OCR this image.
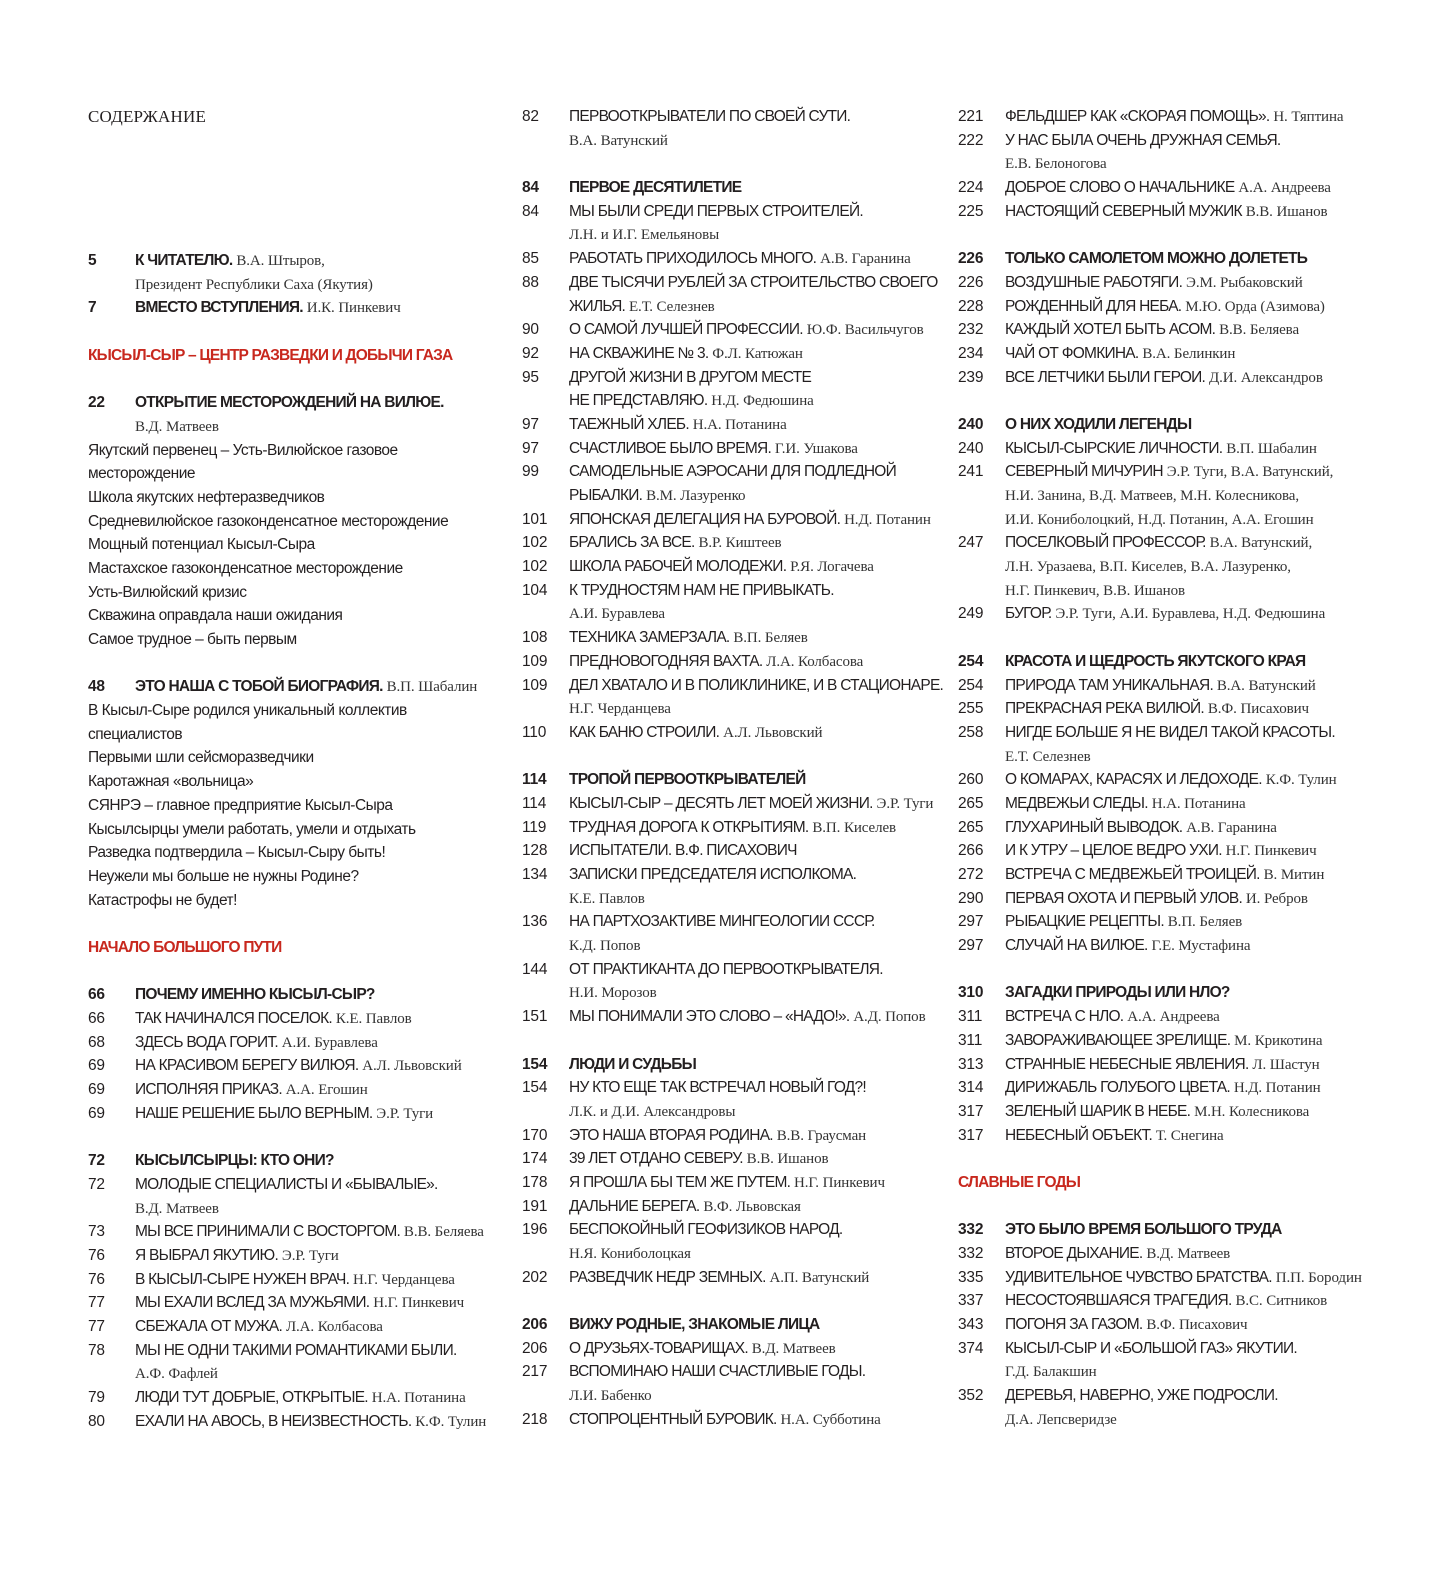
СОДЕРЖАНИЕ
5 К ЧИТАТЕЛЮ. В.А. Штыров,
Президент Республики Саха (Якутия)
7 ВМЕСТО ВСТУПЛЕНИЯ. И.К. Пинкевич
КЫСЫЛ-СЫР – ЦЕНТР РАЗВЕДКИ И ДОБЫЧИ ГАЗА
22 ОТКРЫТИЕ МЕСТОРОЖДЕНИЙ НА ВИЛЮЕ.
В.Д. Матвеев
Якутский первенец – Усть-Вилюйское газовое
месторождение
Школа якутских нефтеразведчиков
Средневилюйское газоконденсатное месторождение
Мощный потенциал Кысыл-Сыра
Мастахское газоконденсатное месторождение
Усть-Вилюйский кризис
Скважина оправдала наши ожидания
Самое трудное – быть первым
48 ЭТО НАША С ТОБОЙ БИОГРАФИЯ. В.П. Шабалин
В Кысыл-Сыре родился уникальный коллектив
специалистов
Первыми шли сейсморазведчики
Каротажная «вольница»
СЯНРЭ – главное предприятие Кысыл-Сыра
Кысылсырцы умели работать, умели и отдыхать
Разведка подтвердила – Кысыл-Сыру быть!
Неужели мы больше не нужны Родине?
Катастрофы не будет!
НАЧАЛО БОЛЬШОГО ПУТИ
66 ПОЧЕМУ ИМЕННО КЫСЫЛ-СЫР?
66 ТАК НАЧИНАЛСЯ ПОСЕЛОК. К.Е. Павлов
68 ЗДЕСЬ ВОДА ГОРИТ. А.И. Буравлева
69 НА КРАСИВОМ БЕРЕГУ ВИЛЮЯ. А.Л. Львовский
69 ИСПОЛНЯЯ ПРИКАЗ. А.А. Егошин
69 НАШЕ РЕШЕНИЕ БЫЛО ВЕРНЫМ. Э.Р. Туги
72 КЫСЫЛСЫРЦЫ: КТО ОНИ?
72 МОЛОДЫЕ СПЕЦИАЛИСТЫ И «БЫВАЛЫЕ».
В.Д. Матвеев
73 МЫ ВСЕ ПРИНИМАЛИ С ВОСТОРГОМ. В.В. Беляева
76 Я ВЫБРАЛ ЯКУТИЮ. Э.Р. Туги
76 В КЫСЫЛ-СЫРЕ НУЖЕН ВРАЧ. Н.Г. Черданцева
77 МЫ ЕХАЛИ ВСЛЕД ЗА МУЖЬЯМИ. Н.Г. Пинкевич
77 СБЕЖАЛА ОТ МУЖА. Л.А. Колбасова
78 МЫ НЕ ОДНИ ТАКИМИ РОМАНТИКАМИ БЫЛИ.
А.Ф. Фафлей
79 ЛЮДИ ТУТ ДОБРЫЕ, ОТКРЫТЫЕ. Н.А. Потанина
80 ЕХАЛИ НА АВОСЬ, В НЕИЗВЕСТНОСТЬ. К.Ф. Тулин
82 ПЕРВООТКРЫВАТЕЛИ ПО СВОЕЙ СУТИ.
В.А. Ватунский
84 ПЕРВОЕ ДЕСЯТИЛЕТИЕ
84 МЫ БЫЛИ СРЕДИ ПЕРВЫХ СТРОИТЕЛЕЙ.
Л.Н. и И.Г. Емельяновы
85 РАБОТАТЬ ПРИХОДИЛОСЬ МНОГО. А.В. Гаранина
88 ДВЕ ТЫСЯЧИ РУБЛЕЙ ЗА СТРОИТЕЛЬСТВО СВОЕГО
ЖИЛЬЯ. Е.Т. Селезнев
90 О САМОЙ ЛУЧШЕЙ ПРОФЕССИИ. Ю.Ф. Васильчугов
92 НА СКВАЖИНЕ № 3. Ф.Л. Катюжан
95 ДРУГОЙ ЖИЗНИ В ДРУГОМ МЕСТЕ
НЕ ПРЕДСТАВЛЯЮ. Н.Д. Федюшина
97 ТАЕЖНЫЙ ХЛЕБ. Н.А. Потанина
97 СЧАСТЛИВОЕ БЫЛО ВРЕМЯ. Г.И. Ушакова
99 САМОДЕЛЬНЫЕ АЭРОСАНИ ДЛЯ ПОДЛЕДНОЙ
РЫБАЛКИ. В.М. Лазуренко
101 ЯПОНСКАЯ ДЕЛЕГАЦИЯ НА БУРОВОЙ. Н.Д. Потанин
102 БРАЛИСЬ ЗА ВСЕ. В.Р. Киштеев
102 ШКОЛА РАБОЧЕЙ МОЛОДЕЖИ. Р.Я. Логачева
104 К ТРУДНОСТЯМ НАМ НЕ ПРИВЫКАТЬ.
А.И. Буравлева
108 ТЕХНИКА ЗАМЕРЗАЛА. В.П. Беляев
109 ПРЕДНОВОГОДНЯЯ ВАХТА. Л.А. Колбасова
109 ДЕЛ ХВАТАЛО И В ПОЛИКЛИНИКЕ, И В СТАЦИОНАРЕ.
Н.Г. Черданцева
110 КАК БАНЮ СТРОИЛИ. А.Л. Львовский
114 ТРОПОЙ ПЕРВООТКРЫВАТЕЛЕЙ
114 КЫСЫЛ-СЫР – ДЕСЯТЬ ЛЕТ МОЕЙ ЖИЗНИ. Э.Р. Туги
119 ТРУДНАЯ ДОРОГА К ОТКРЫТИЯМ. В.П. Киселев
128 ИСПЫТАТЕЛИ. В.Ф. ПИСАХОВИЧ
134 ЗАПИСКИ ПРЕДСЕДАТЕЛЯ ИСПОЛКОМА.
К.Е. Павлов
136 НА ПАРТХОЗАКТИВЕ МИНГЕОЛОГИИ СССР.
К.Д. Попов
144 ОТ ПРАКТИКАНТА ДО ПЕРВООТКРЫВАТЕЛЯ.
Н.И. Морозов
151 МЫ ПОНИМАЛИ ЭТО СЛОВО – «НАДО!». А.Д. Попов
154 ЛЮДИ И СУДЬБЫ
154 НУ КТО ЕЩЕ ТАК ВСТРЕЧАЛ НОВЫЙ ГОД?!
Л.К. и Д.И. Александровы
170 ЭТО НАША ВТОРАЯ РОДИНА. В.В. Граусман
174 39 ЛЕТ ОТДАНО СЕВЕРУ. В.В. Ишанов
178 Я ПРОШЛА БЫ ТЕМ ЖЕ ПУТЕМ. Н.Г. Пинкевич
191 ДАЛЬНИЕ БЕРЕГА. В.Ф. Львовская
196 БЕСПОКОЙНЫЙ ГЕОФИЗИКОВ НАРОД.
Н.Я. Кониболоцкая
202 РАЗВЕДЧИК НЕДР ЗЕМНЫХ. А.П. Ватунский
206 ВИЖУ РОДНЫЕ, ЗНАКОМЫЕ ЛИЦА
206 О ДРУЗЬЯХ-ТОВАРИЩАХ. В.Д. Матвеев
217 ВСПОМИНАЮ НАШИ СЧАСТЛИВЫЕ ГОДЫ.
Л.И. Бабенко
218 СТОПРОЦЕНТНЫЙ БУРОВИК. Н.А. Субботина
221 ФЕЛЬДШЕР КАК «СКОРАЯ ПОМОЩЬ». Н. Тяптина
222 У НАС БЫЛА ОЧЕНЬ ДРУЖНАЯ СЕМЬЯ.
Е.В. Белоногова
224 ДОБРОЕ СЛОВО О НАЧАЛЬНИКЕ А.А. Андреева
225 НАСТОЯЩИЙ СЕВЕРНЫЙ МУЖИК В.В. Ишанов
226 ТОЛЬКО САМОЛЕТОМ МОЖНО ДОЛЕТЕТЬ
226 ВОЗДУШНЫЕ РАБОТЯГИ. Э.М. Рыбаковский
228 РОЖДЕННЫЙ ДЛЯ НЕБА. М.Ю. Орда (Азимова)
232 КАЖДЫЙ ХОТЕЛ БЫТЬ АСОМ. В.В. Беляева
234 ЧАЙ ОТ ФОМКИНА. В.А. Белинкин
239 ВСЕ ЛЕТЧИКИ БЫЛИ ГЕРОИ. Д.И. Александров
240 О НИХ ХОДИЛИ ЛЕГЕНДЫ
240 КЫСЫЛ-СЫРСКИЕ ЛИЧНОСТИ. В.П. Шабалин
241 СЕВЕРНЫЙ МИЧУРИН Э.Р. Туги, В.А. Ватунский,
Н.И. Занина, В.Д. Матвеев, М.Н. Колесникова,
И.И. Кониболоцкий, Н.Д. Потанин, А.А. Егошин
247 ПОСЕЛКОВЫЙ ПРОФЕССОР. В.А. Ватунский,
Л.Н. Уразаева, В.П. Киселев, В.А. Лазуренко,
Н.Г. Пинкевич, В.В. Ишанов
249 БУГОР. Э.Р. Туги, А.И. Буравлева, Н.Д. Федюшина
254 КРАСОТА И ЩЕДРОСТЬ ЯКУТСКОГО КРАЯ
254 ПРИРОДА ТАМ УНИКАЛЬНАЯ. В.А. Ватунский
255 ПРЕКРАСНАЯ РЕКА ВИЛЮЙ. В.Ф. Писахович
258 НИГДЕ БОЛЬШЕ Я НЕ ВИДЕЛ ТАКОЙ КРАСОТЫ.
Е.Т. Селезнев
260 О КОМАРАХ, КАРАСЯХ И ЛЕДОХОДЕ. К.Ф. Тулин
265 МЕДВЕЖЬИ СЛЕДЫ. Н.А. Потанина
265 ГЛУХАРИНЫЙ ВЫВОДОК. А.В. Гаранина
266 И К УТРУ – ЦЕЛОЕ ВЕДРО УХИ. Н.Г. Пинкевич
272 ВСТРЕЧА С МЕДВЕЖЬЕЙ ТРОИЦЕЙ. В. Митин
290 ПЕРВАЯ ОХОТА И ПЕРВЫЙ УЛОВ. И. Ребров
297 РЫБАЦКИЕ РЕЦЕПТЫ. В.П. Беляев
297 СЛУЧАЙ НА ВИЛЮЕ. Г.Е. Мустафина
310 ЗАГАДКИ ПРИРОДЫ ИЛИ НЛО?
311 ВСТРЕЧА С НЛО. А.А. Андреева
311 ЗАВОРАЖИВАЮЩЕЕ ЗРЕЛИЩЕ. М. Крикотина
313 СТРАННЫЕ НЕБЕСНЫЕ ЯВЛЕНИЯ. Л. Шастун
314 ДИРИЖАБЛЬ ГОЛУБОГО ЦВЕТА. Н.Д. Потанин
317 ЗЕЛЕНЫЙ ШАРИК В НЕБЕ. М.Н. Колесникова
317 НЕБЕСНЫЙ ОБЪЕКТ. Т. Снегина
СЛАВНЫЕ ГОДЫ
332 ЭТО БЫЛО ВРЕМЯ БОЛЬШОГО ТРУДА
332 ВТОРОЕ ДЫХАНИЕ. В.Д. Матвеев
335 УДИВИТЕЛЬНОЕ ЧУВСТВО БРАТСТВА. П.П. Бородин
337 НЕСОСТОЯВШАЯСЯ ТРАГЕДИЯ. В.С. Ситников
343 ПОГОНЯ ЗА ГАЗОМ. В.Ф. Писахович
374 КЫСЫЛ-СЫР И «БОЛЬШОЙ ГАЗ» ЯКУТИИ.
Г.Д. Балакшин
352 ДЕРЕВЬЯ, НАВЕРНО, УЖЕ ПОДРОСЛИ.
Д.А. Лепсверидзе
